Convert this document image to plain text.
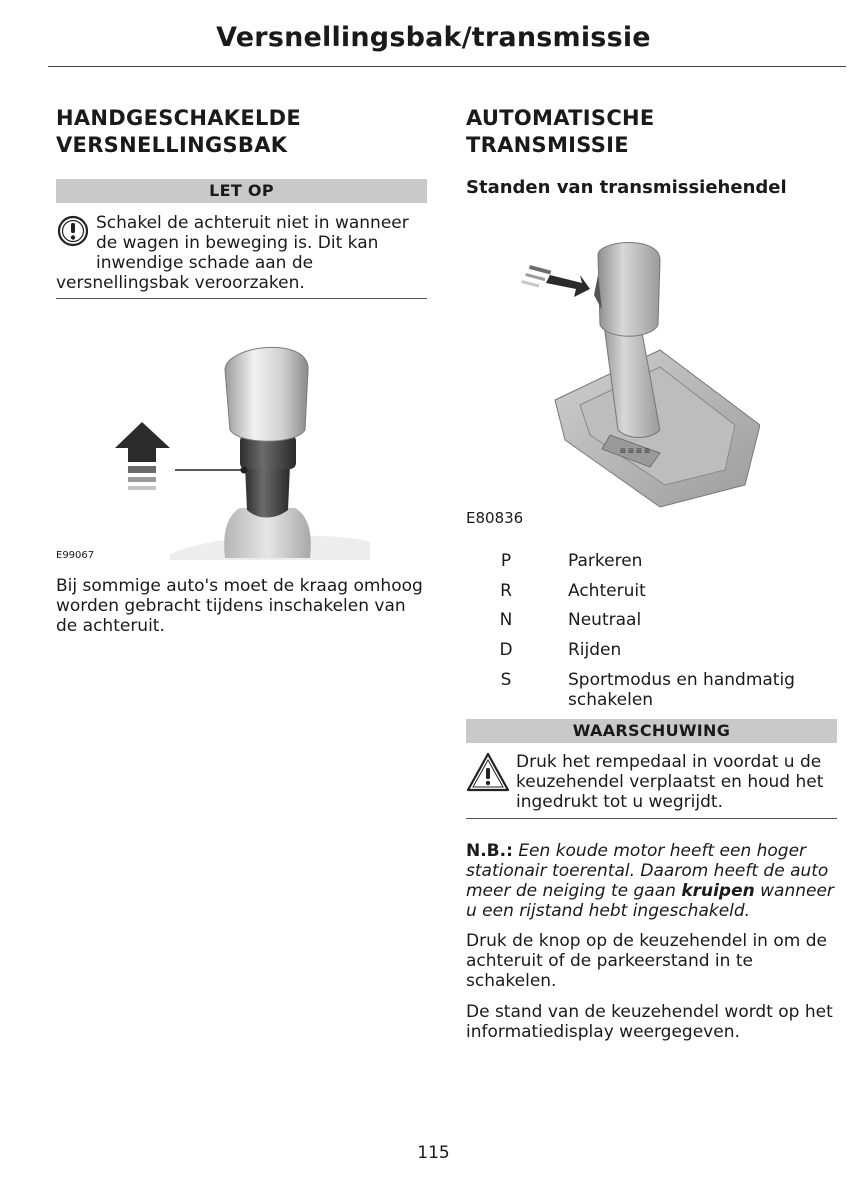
Versnellingsbak/transmissie
HANDGESCHAKELDE
VERSNELLINGSBAK
LET OP
Schakel de achteruit niet in wanneer
de wagen in beweging is. Dit kan
inwendige schade aan de
versnellingsbak veroorzaken.
E99067
Bij sommige auto's moet de kraag omhoog
worden gebracht tijdens inschakelen van
de achteruit.
AUTOMATISCHE
TRANSMISSIE
Standen van transmissiehendel
⊞ ⊞ ⊞ ⊞
E80836
P	Parkeren
R	Achteruit
N	Neutraal
D	Rijden
S	Sportmodus en handmatig
schakelen
WAARSCHUWING
Druk het rempedaal in voordat u de
keuzehendel verplaatst en houd het
ingedrukt tot u wegrijdt.
N.B.: Een koude motor heeft een hoger
stationair toerental. Daarom heeft de auto
meer de neiging te gaan kruipen wanneer
u een rijstand hebt ingeschakeld.
Druk de knop op de keuzehendel in om de
achteruit of de parkeerstand in te
schakelen.
De stand van de keuzehendel wordt op het
informatiedisplay weergegeven.
115
